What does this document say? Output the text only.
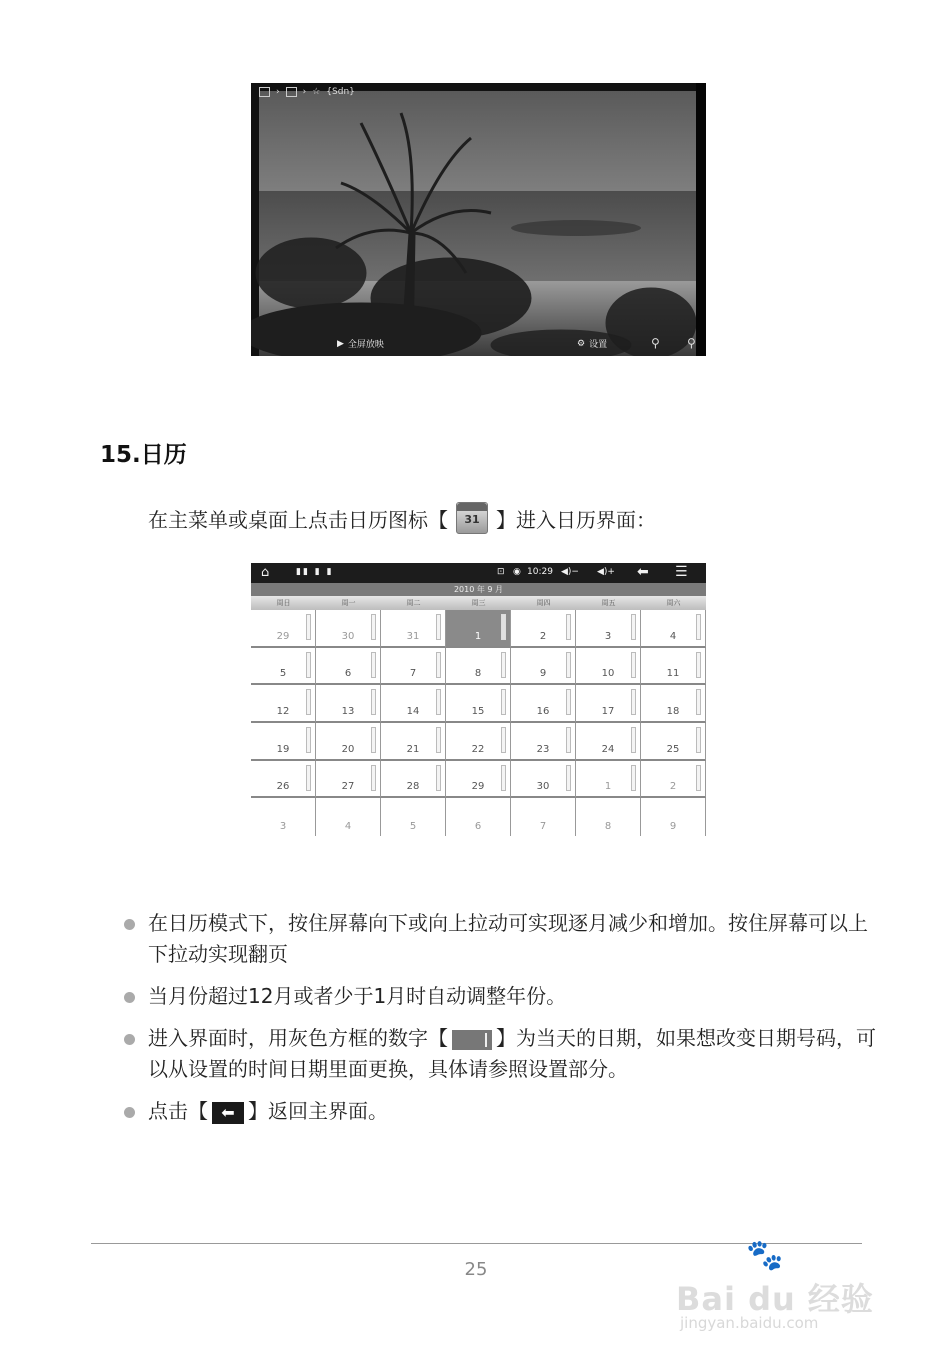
›	› ☆ {Sdn}
▶ 全屏放映	⚙ 设置	⚲ ⚲
15.日历
在主菜单或桌面上点击日历图标【	31 】进入日历界面：
⌂	▮▮ ▮ ▮	⊡ ◉ 10:29 ◀)− ◀)+ ⬅ ☰
2010 年 9 月
周日	周一	周二	周三	周四	周五	周六
29	30	31	1	2	3	4
5	6	7	8	9	10	11
12	13	14	15	16	17	18
19	20	21	22	23	24	25
26	27	28	29	30	1	2
3	4	5	6	7	8	9
在日历模式下，按住屏幕向下或向上拉动可实现逐月减少和增加。按住屏幕可以上下拉动实现翻页
当月份超过12月或者少于1月时自动调整年份。
进入界面时，用灰色方框的数字【 】为当天的日期，如果想改变日期号码，可以从设置的时间日期里面更换，具体请参照设置部分。
点击【 ⬅ 】返回主界面。
25	🐾
Bai du 经验
jingyan.baidu.com
